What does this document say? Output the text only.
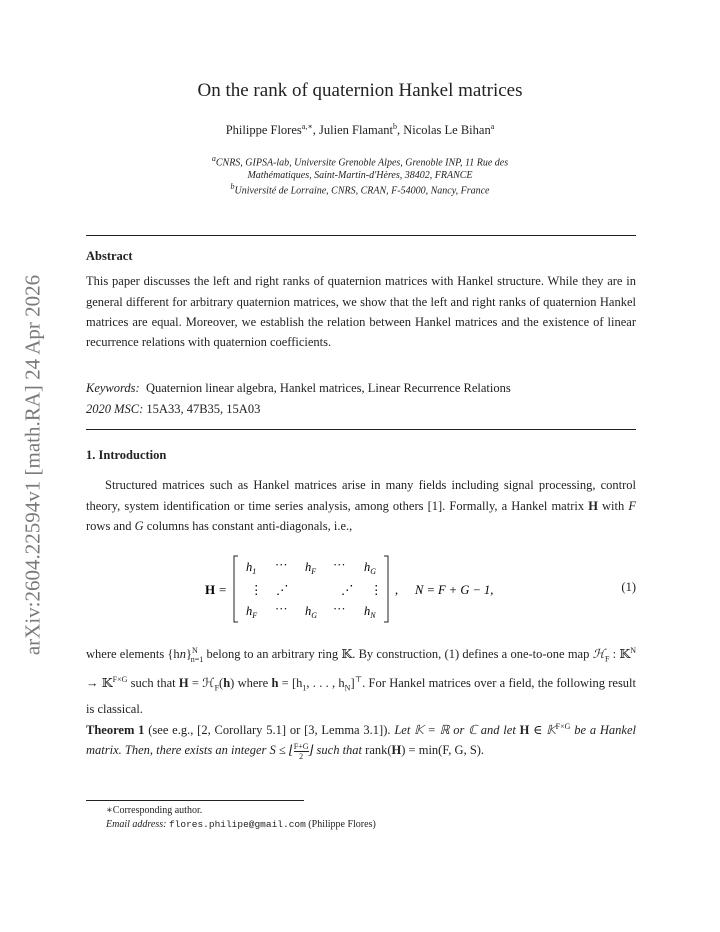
arXiv:2604.22594v1 [math.RA] 24 Apr 2026
On the rank of quaternion Hankel matrices
Philippe Flores$^{a,∗}$, Julien Flamant$^b$, Nicolas Le Bihan$^a$
$^a$CNRS, GIPSA-lab, Universite Grenoble Alpes, Grenoble INP, 11 Rue des
Mathématiques, Saint-Martin-d'Hères, 38402, FRANCE
$^b$Université de Lorraine, CNRS, CRAN, F-54000, Nancy, France
Abstract
This paper discusses the left and right ranks of quaternion matrices with Hankel structure. While they are in general different for arbitrary quaternion matrices, we show that the left and right ranks of quaternion Hankel matrices are equal. Moreover, we establish the relation between Hankel matrices and the existence of linear recurrence relations with quaternion coefficients.
Keywords: Quaternion linear algebra, Hankel matrices, Linear Recurrence Relations
2020 MSC: 15A33, 47B35, 15A03
1. Introduction
Structured matrices such as Hankel matrices arise in many fields including signal processing, control theory, system identification or time series analysis, among others [1]. Formally, a Hankel matrix H with F rows and G columns has constant anti-diagonals, i.e.,
H =
$h_1$ ··· $h_F$ ··· $h_G$
⋮ ⋰	⋰ ⋮
$h_F$ ··· $h_G$ ··· $h_N$
, N = F + G − 1,	(1)
where elements {hn}$^N_{n=1}$ belong to an arbitrary ring 𝕂. By construction, (1) defines a one-to-one map ℋ$_F$ : 𝕂$^N$ → 𝕂$^{F\times G}$ such that H = ℋ$_F$(h) where $h = [h_1$, . . . , $h_N]^⊤$. For Hankel matrices over a field, the following result is classical.
Theorem 1 (see e.g., [2, Corollary 5.1] or [3, Lemma 3.1]). Let 𝕂 = ℝ or ℂ and let H ∈ 𝕂$^{F\times G}$ be a Hankel matrix. Then, there exists an integer S ≤ ⌊ $\frac{F+G}{2}$ ⌋ such that rank(H) = min(F, G, S).
∗Corresponding author.
Email address: flores.philipe@gmail.com (Philippe Flores)
